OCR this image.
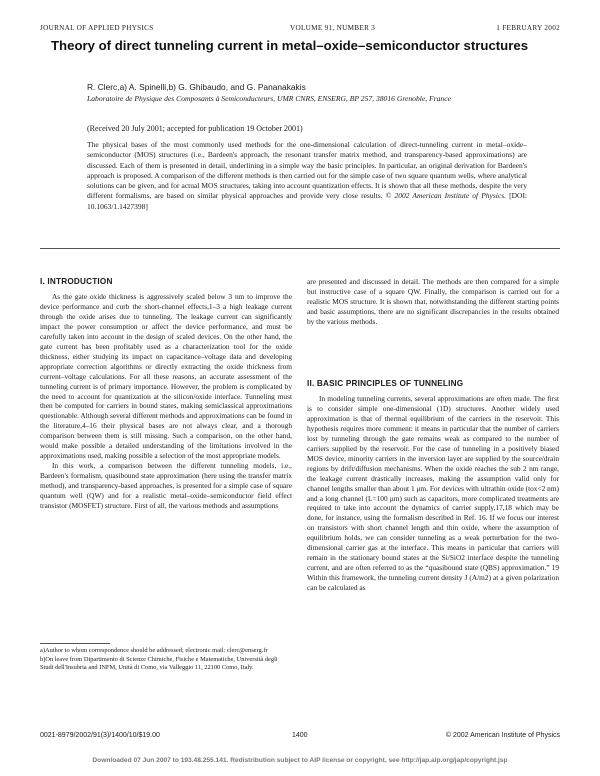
JOURNAL OF APPLIED PHYSICS	VOLUME 91, NUMBER 3	1 FEBRUARY 2002
Theory of direct tunneling current in metal–oxide–semiconductor structures
R. Clerc,a) A. Spinelli,b) G. Ghibaudo, and G. Pananakakis
Laboratoire de Physique des Composants à Semiconducteurs, UMR CNRS, ENSERG, BP 257, 38016 Grenoble, France
(Received 20 July 2001; accepted for publication 19 October 2001)
The physical bases of the most commonly used methods for the one-dimensional calculation of direct-tunneling current in metal–oxide–semiconductor (MOS) structures (i.e., Bardeen's approach, the resonant transfer matrix method, and transparency-based approximations) are discussed. Each of them is presented in detail, underlining in a simple way the basic principles. In particular, an original derivation for Bardeen's approach is proposed. A comparison of the different methods is then carried out for the simple case of two square quantum wells, where analytical solutions can be given, and for actual MOS structures, taking into account quantization effects. It is shown that all these methods, despite the very different formalisms, are based on similar physical approaches and provide very close results. © 2002 American Institute of Physics. [DOI: 10.1063/1.1427398]
I. INTRODUCTION

As the gate oxide thickness is aggressively scaled below 3 nm to improve the device performance and curb the short-channel effects,1–3 a high leakage current through the oxide arises due to tunneling. The leakage current can significantly impact the power consumption or affect the device performance, and must be carefully taken into account in the design of scaled devices. On the other hand, the gate current has been profitably used as a characterization tool for the oxide thickness, either studying its impact on capacitance–voltage data and developing appropriate correction algorithms or directly extracting the oxide thickness from current–voltage calculations. For all these reasons, an accurate assessment of the tunneling current is of primary importance. However, the problem is complicated by the need to account for quantization at the silicon/oxide interface. Tunneling must then be computed for carriers in bound states, making semiclassical approximations questionable. Although several different methods and approximations can be found in the literature,4–16 their physical bases are not always clear, and a thorough comparison between them is still missing. Such a comparison, on the other hand, would make possible a detailed understanding of the limitations involved in the approximations used, making possible a selection of the most appropriate models.

In this work, a comparison between the different tunneling models, i.e., Bardeen's formalism, quasibound state approximation (here using the transfer matrix method), and transparency-based approaches, is presented for a simple case of square quantum well (QW) and for a realistic metal–oxide–semiconductor field effect transistor (MOSFET) structure. First of all, the various methods and assumptions

are presented and discussed in detail. The methods are then compared for a simple but instructive case of a square QW. Finally, the comparison is carried out for a realistic MOS structure. It is shown that, notwithstanding the different starting points and basic assumptions, there are no significant discrepancies in the results obtained by the various methods.

II. BASIC PRINCIPLES OF TUNNELING

In modeling tunneling currents, several approximations are often made. The first is to consider simple one-dimensional (1D) structures. Another widely used approximation is that of thermal equilibrium of the carriers in the reservoir. This hypothesis requires more comment: it means in particular that the number of carriers lost by tunneling through the gate remains weak as compared to the number of carriers supplied by the reservoir. For the case of tunneling in a positively biased MOS device, minority carriers in the inversion layer are supplied by the source/drain regions by drift/diffusion mechanisms. When the oxide reaches the sub 2 nm range, the leakage current drastically increases, making the assumption valid only for channel lengths smaller than about 1 μm. For devices with ultrathin oxide (tox<2 nm) and a long channel (L=100 μm) such as capacitors, more complicated treatments are required to take into account the dynamics of carrier supply,17,18 which may be done, for instance, using the formalism described in Ref. 16. If we focus our interest on transistors with short channel length and thin oxide, where the assumption of equilibrium holds, we can consider tunneling as a weak perturbation for the two-dimensional carrier gas at the interface. This means in particular that carriers will remain in the stationary bound states at the Si/SiO2 interface despite the tunneling current, and are often referred to as the “quasibound state (QBS) approximation.” 19 Within this framework, the tunneling current density J (A/m2) at a given polarization can be calculated as

a)Author to whom correspondence should be addressed; electronic mail: clerc@enserg.fr

b)On leave from Dipartimento di Scienze Chimiche, Fisiche e Matematiche, Università degli Studi dell'Insubria and INFM, Unità di Como, via Valleggio 11, 22100 Como, Italy.

0021-8979/2002/91(3)/1400/10/$19.00	1400	© 2002 American Institute of Physics
Downloaded 07 Jun 2007 to 193.48.255.141. Redistribution subject to AIP license or copyright, see http://jap.aip.org/jap/copyright.jsp
